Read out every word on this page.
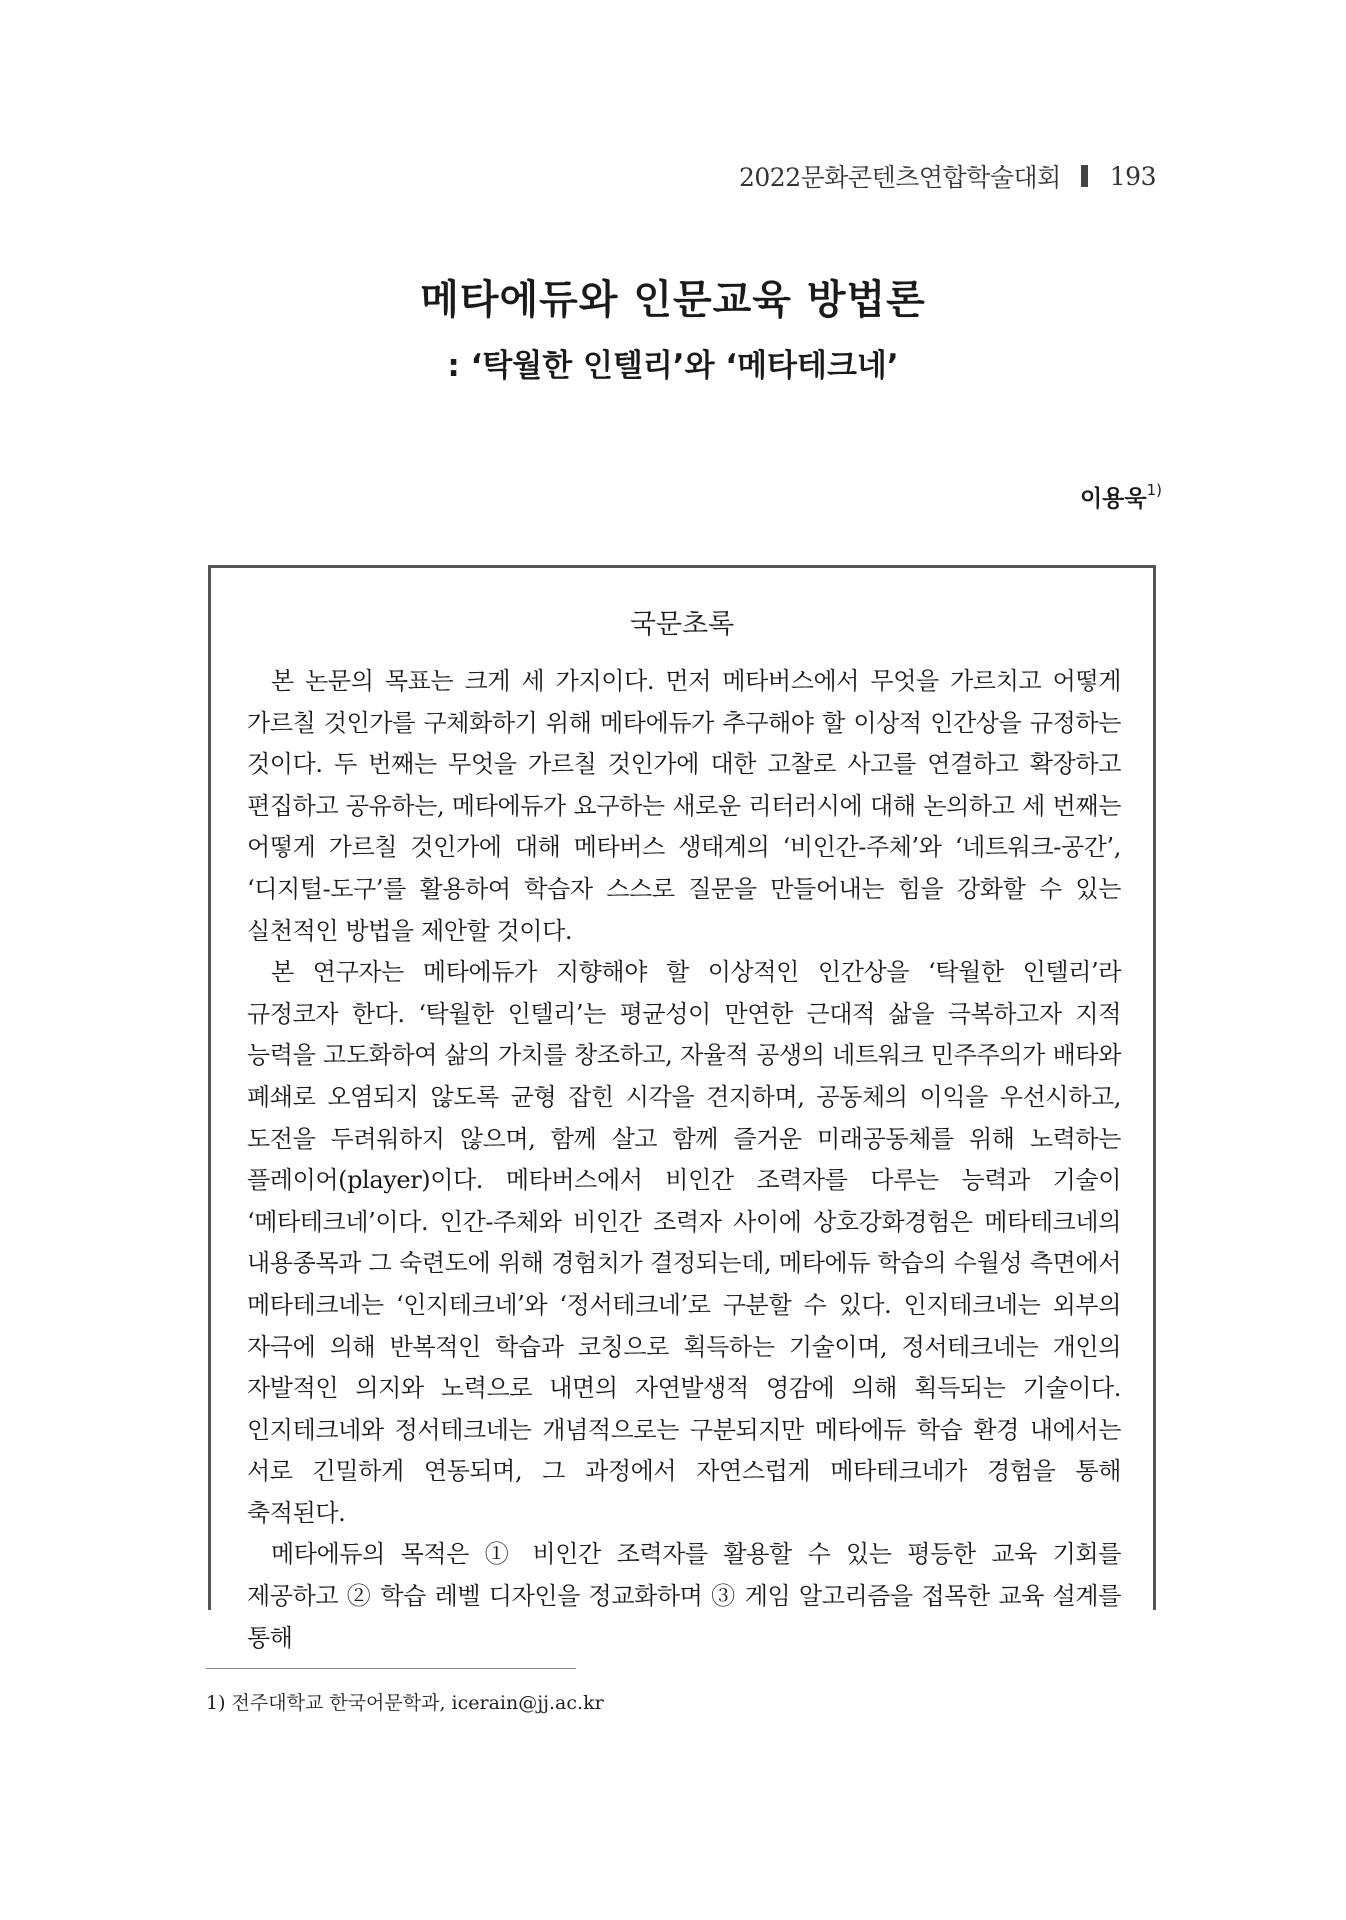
2022문화콘텐츠연합학술대회 193
메타에듀와 인문교육 방법론
: ‘탁월한 인텔리’와 ‘메타테크네’
이용욱$^{1)}$
국문초록

본 논문의 목표는 크게 세 가지이다. 먼저 메타버스에서 무엇을 가르치고 어떻게 가르칠 것인가를 구체화하기 위해 메타에듀가 추구해야 할 이상적 인간상을 규정하는 것이다. 두 번째는 무엇을 가르칠 것인가에 대한 고찰로 사고를 연결하고 확장하고 편집하고 공유하는, 메타에듀가 요구하는 새로운 리터러시에 대해 논의하고 세 번째는 어떻게 가르칠 것인가에 대해 메타버스 생태계의 ‘비인간-주체’와 ‘네트워크-공간’, ‘디지털-도구’를 활용하여 학습자 스스로 질문을 만들어내는 힘을 강화할 수 있는 실천적인 방법을 제안할 것이다.

본 연구자는 메타에듀가 지향해야 할 이상적인 인간상을 ‘탁월한 인텔리’라 규정코자 한다. ‘탁월한 인텔리’는 평균성이 만연한 근대적 삶을 극복하고자 지적 능력을 고도화하여 삶의 가치를 창조하고, 자율적 공생의 네트워크 민주주의가 배타와 폐쇄로 오염되지 않도록 균형 잡힌 시각을 견지하며, 공동체의 이익을 우선시하고, 도전을 두려워하지 않으며, 함께 살고 함께 즐거운 미래공동체를 위해 노력하는 플레이어(player)이다. 메타버스에서 비인간 조력자를 다루는 능력과 기술이 ‘메타테크네’이다. 인간-주체와 비인간 조력자 사이에 상호강화경험은 메타테크네의 내용종목과 그 숙련도에 위해 경험치가 결정되는데, 메타에듀 학습의 수월성 측면에서 메타테크네는 ‘인지테크네’와 ‘정서테크네’로 구분할 수 있다. 인지테크네는 외부의 자극에 의해 반복적인 학습과 코칭으로 획득하는 기술이며, 정서테크네는 개인의 자발적인 의지와 노력으로 내면의 자연발생적 영감에 의해 획득되는 기술이다. 인지테크네와 정서테크네는 개념적으로는 구분되지만 메타에듀 학습 환경 내에서는 서로 긴밀하게 연동되며, 그 과정에서 자연스럽게 메타테크네가 경험을 통해 축적된다.

메타에듀의 목적은 ① 비인간 조력자를 활용할 수 있는 평등한 교육 기회를 제공하고 ② 학습 레벨 디자인을 정교화하며 ③ 게임 알고리즘을 접목한 교육 설계를 통해

1) 전주대학교 한국어문학과, icerain@jj.ac.kr
